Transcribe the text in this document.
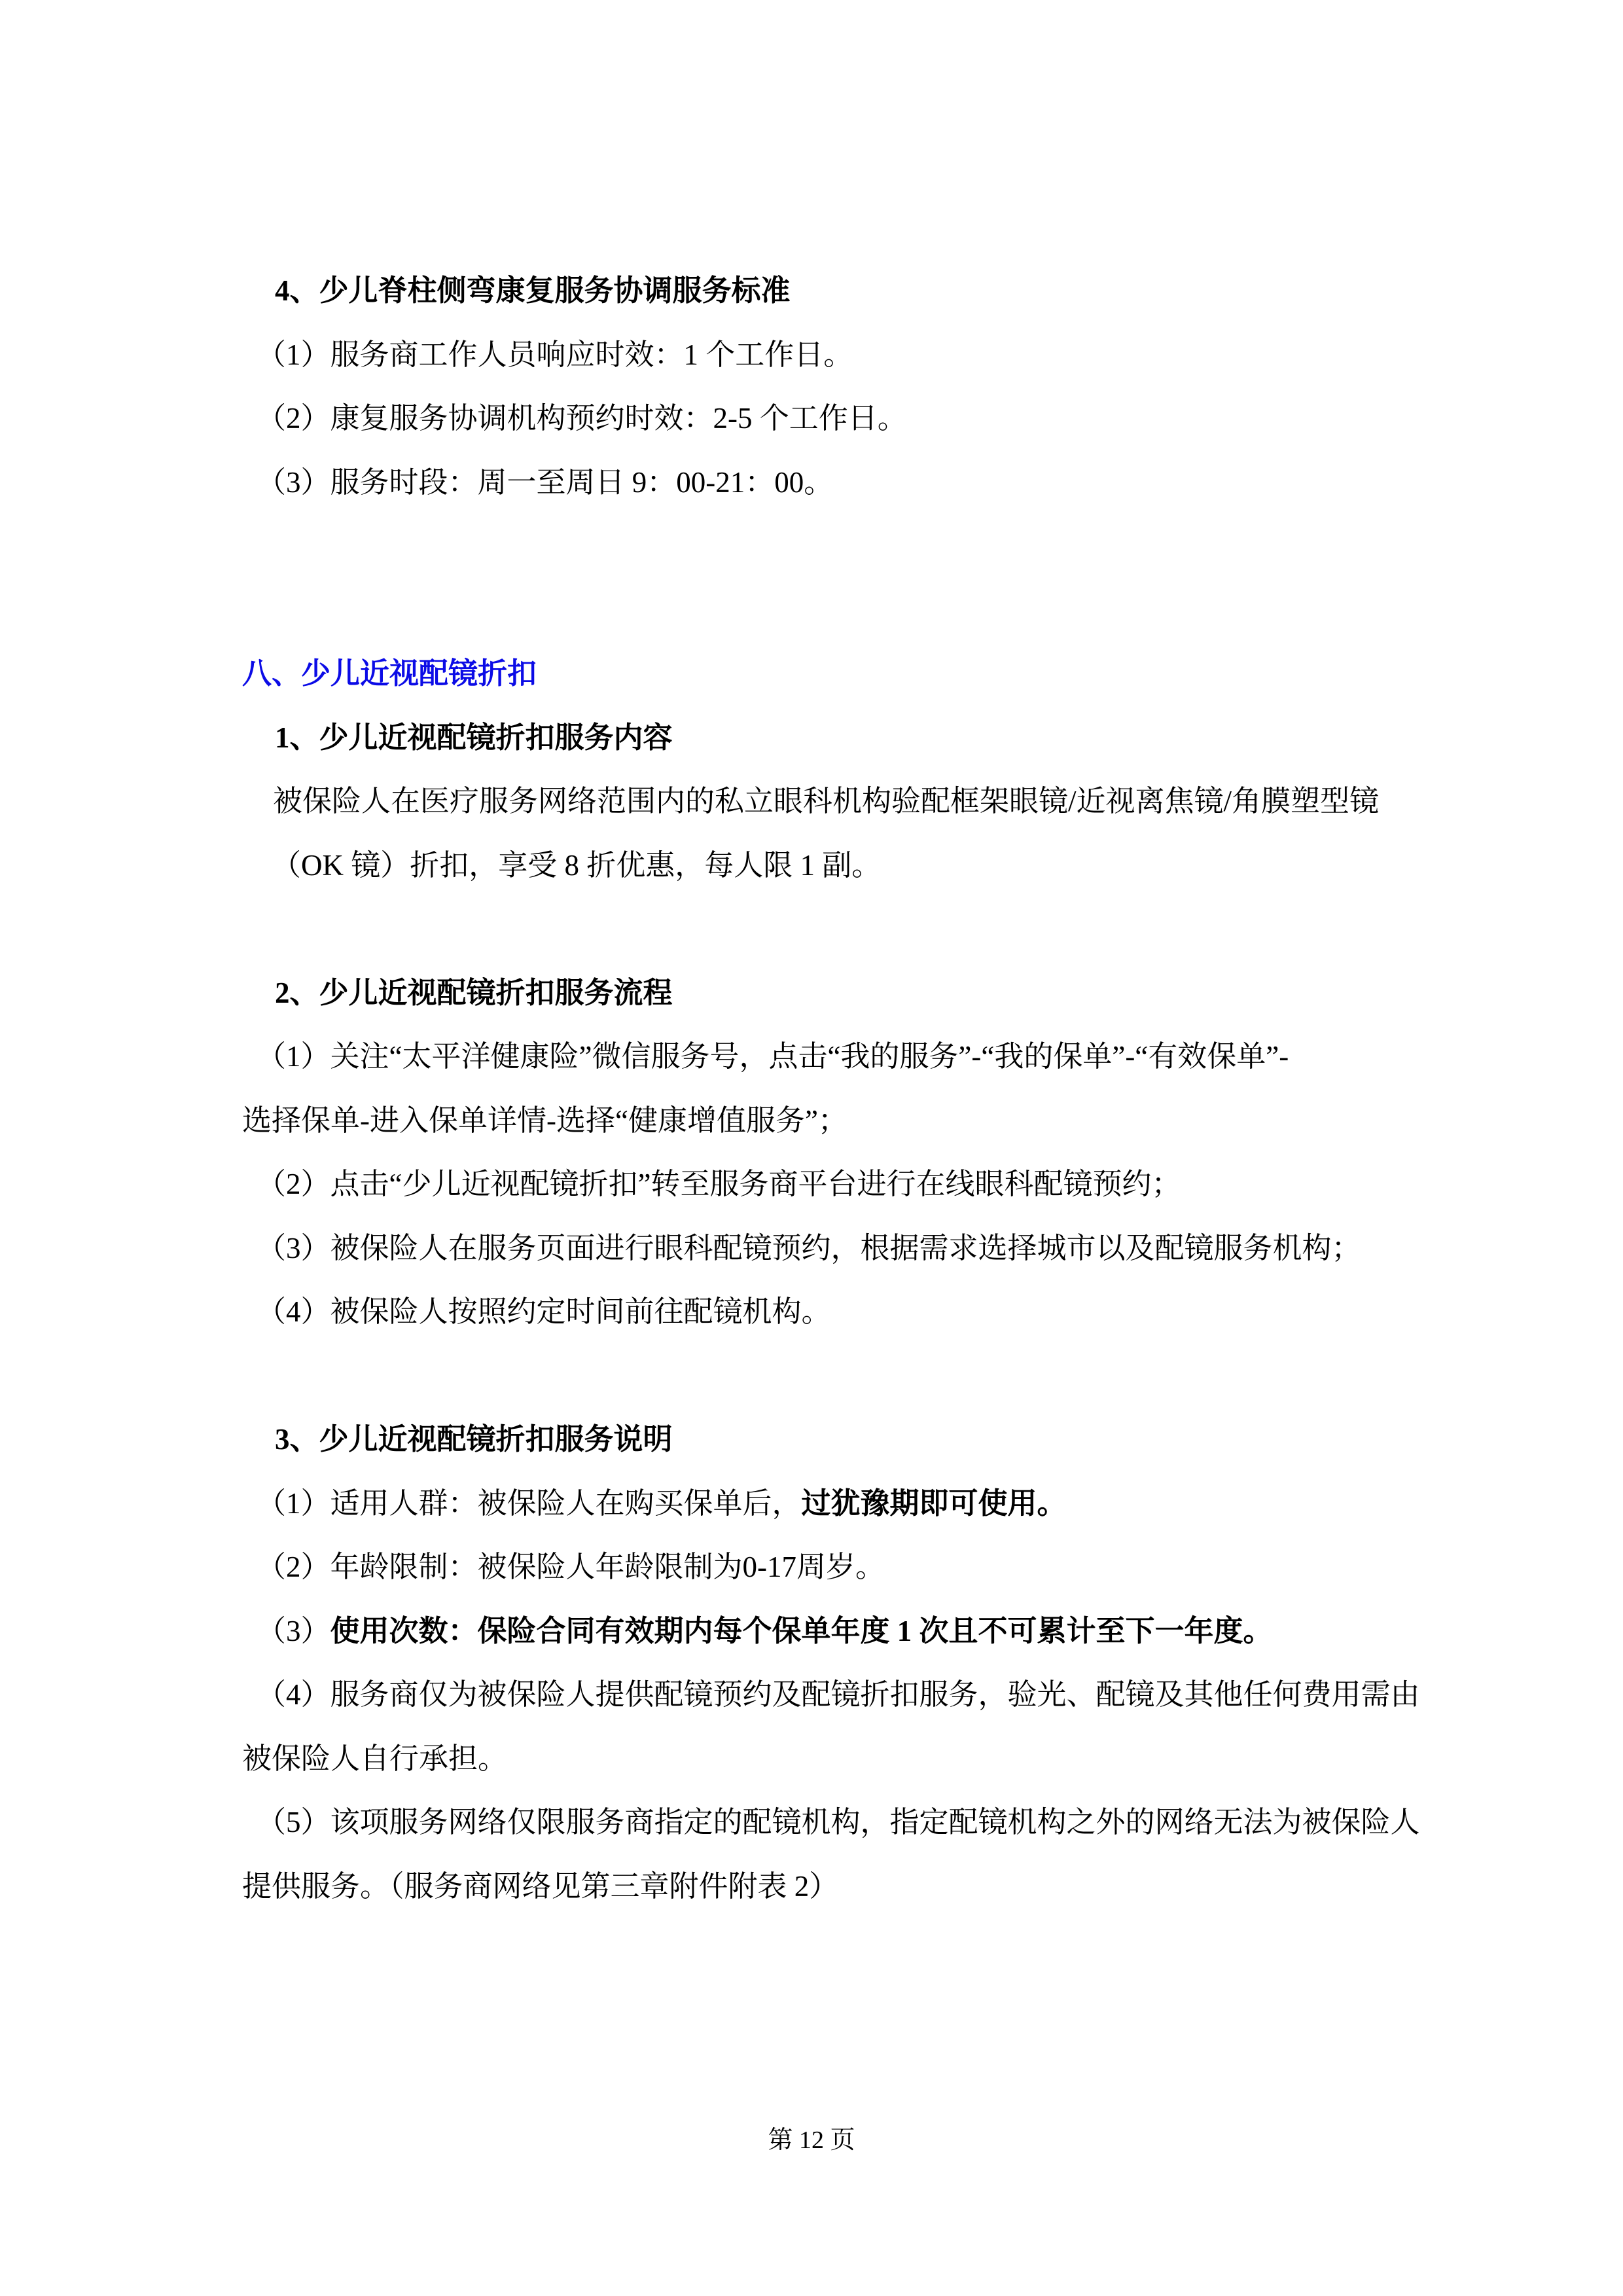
4、少儿脊柱侧弯康复服务协调服务标准
（1）服务商工作人员响应时效：1 个工作日。
（2）康复服务协调机构预约时效：2-5 个工作日。
（3）服务时段：周一至周日 9：00-21：00。
八、少儿近视配镜折扣
1、少儿近视配镜折扣服务内容
被保险人在医疗服务网络范围内的私立眼科机构验配框架眼镜/近视离焦镜/角膜塑型镜
（OK 镜）折扣，享受 8 折优惠，每人限 1 副。
2、少儿近视配镜折扣服务流程
（1）关注“太平洋健康险”微信服务号，点击“我的服务”-“我的保单”-“有效保单”-
选择保单-进入保单详情-选择“健康增值服务”；
（2）点击“少儿近视配镜折扣”转至服务商平台进行在线眼科配镜预约；
（3）被保险人在服务页面进行眼科配镜预约，根据需求选择城市以及配镜服务机构；
（4）被保险人按照约定时间前往配镜机构。
3、少儿近视配镜折扣服务说明
（1）适用人群：被保险人在购买保单后，过犹豫期即可使用。
（2）年龄限制：被保险人年龄限制为0-17周岁。
（3）使用次数：保险合同有效期内每个保单年度 1 次且不可累计至下一年度。
（4）服务商仅为被保险人提供配镜预约及配镜折扣服务，验光、配镜及其他任何费用需由
被保险人自行承担。
（5）该项服务网络仅限服务商指定的配镜机构，指定配镜机构之外的网络无法为被保险人
提供服务。（服务商网络见第三章附件附表 2）
第 12 页
